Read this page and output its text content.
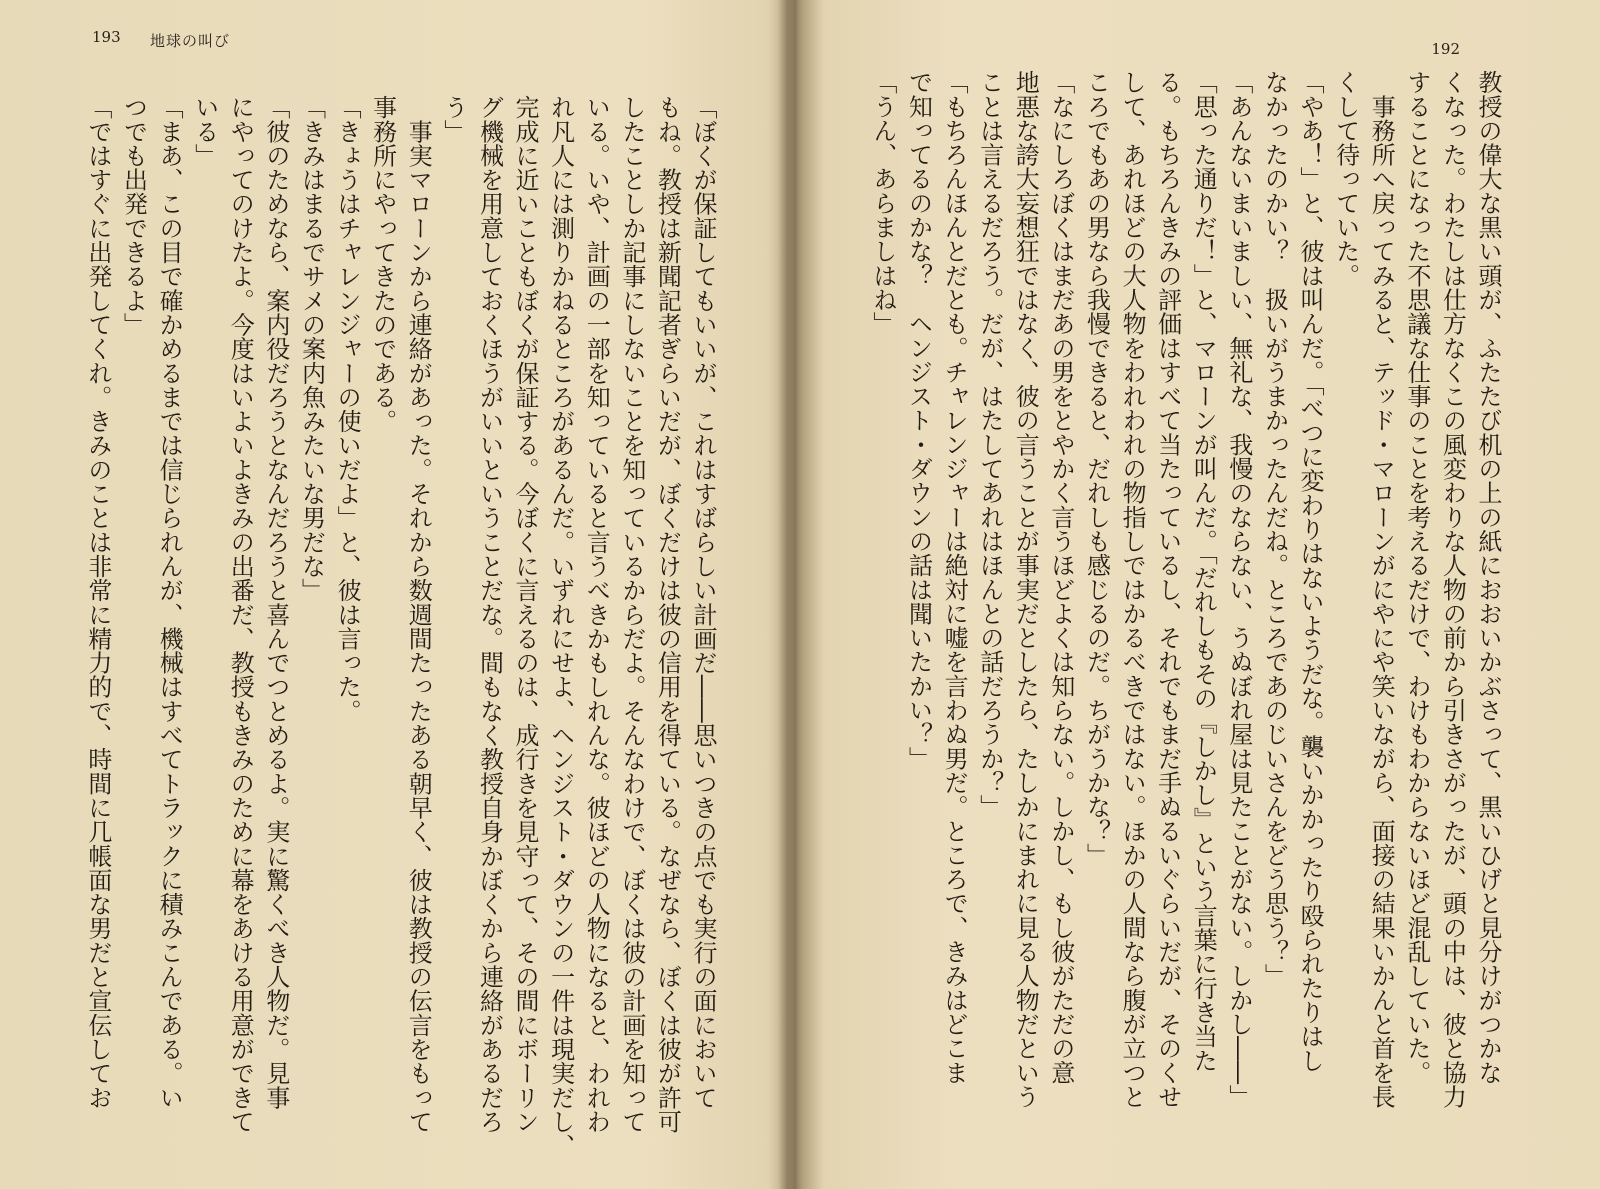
193 地球の叫び
「ぼくが保証してもいいが、これはすばらしい計画だ――思いつきの点でも実行の面において
もね。教授は新聞記者ぎらいだが、ぼくだけは彼の信用を得ている。なぜなら、ぼくは彼が許可
したことしか記事にしないことを知っているからだよ。そんなわけで、ぼくは彼の計画を知って
いる。いや、計画の一部を知っていると言うべきかもしれんな。彼ほどの人物になると、われわ
れ凡人には測りかねるところがあるんだ。いずれにせよ、ヘンジスト・ダウンの一件は現実だし、
完成に近いこともぼくが保証する。今ぼくに言えるのは、成行きを見守って、その間にボーリン
グ機械を用意しておくほうがいいということだな。間もなく教授自身かぼくから連絡があるだろ
う」
　事実マローンから連絡があった。それから数週間たったある朝早く、彼は教授の伝言をもって
事務所にやってきたのである。
「きょうはチャレンジャーの使いだよ」と、彼は言った。
「きみはまるでサメの案内魚みたいな男だな」
「彼のためなら、案内役だろうとなんだろうと喜んでつとめるよ。実に驚くべき人物だ。見事
にやってのけたよ。今度はいよいよきみの出番だ、教授もきみのために幕をあける用意ができて
いる」
「まあ、この目で確かめるまでは信じられんが、機械はすべてトラックに積みこんである。い
つでも出発できるよ」
「ではすぐに出発してくれ。きみのことは非常に精力的で、時間に几帳面な男だと宣伝してお
192
教授の偉大な黒い頭が、ふたたび机の上の紙におおいかぶさって、黒いひげと見分けがつかな
くなった。わたしは仕方なくこの風変わりな人物の前から引きさがったが、頭の中は、彼と協力
することになった不思議な仕事のことを考えるだけで、わけもわからないほど混乱していた。
　事務所へ戻ってみると、テッド・マローンがにやにや笑いながら、面接の結果いかんと首を長
くして待っていた。
「やあ！」と、彼は叫んだ。「べつに変わりはないようだな。襲いかかったり殴られたりはし
なかったのかい？　扱いがうまかったんだね。ところであのじいさんをどう思う？」
「あんないまいましい、無礼な、我慢のならない、うぬぼれ屋は見たことがない。しかし――」
「思った通りだ！」と、マローンが叫んだ。「だれしもその『しかし』という言葉に行き当た
る。もちろんきみの評価はすべて当たっているし、それでもまだ手ぬるいぐらいだが、そのくせ
して、あれほどの大人物をわれわれの物指しではかるべきではない。ほかの人間なら腹が立つと
ころでもあの男なら我慢できると、だれしも感じるのだ。ちがうかな？」
「なにしろぼくはまだあの男をとやかく言うほどよくは知らない。しかし、もし彼がただの意
地悪な誇大妄想狂ではなく、彼の言うことが事実だとしたら、たしかにまれに見る人物だという
ことは言えるだろう。だが、はたしてあれはほんとの話だろうか？」
「もちろんほんとだとも。チャレンジャーは絶対に嘘を言わぬ男だ。ところで、きみはどこま
で知ってるのかな？　ヘンジスト・ダウンの話は聞いたかい？」
「うん、あらましはね」
